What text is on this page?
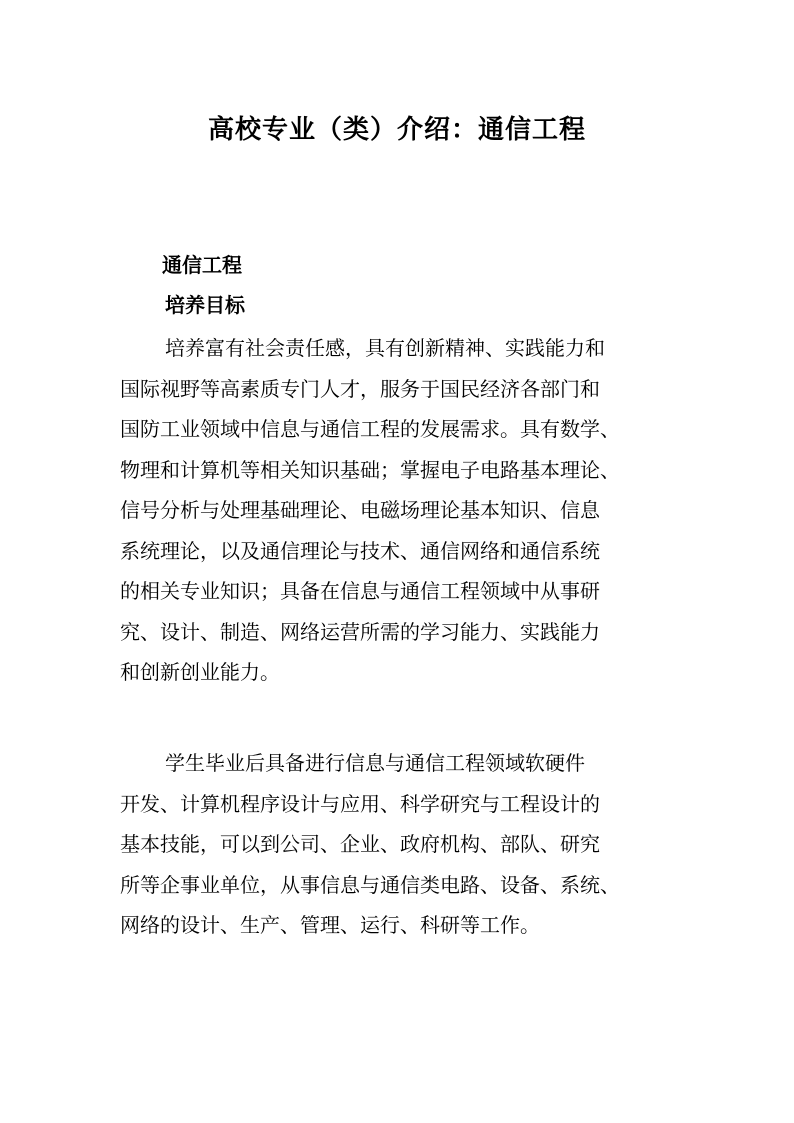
高校专业（类）介绍：通信工程
通信工程
培养目标

培养富有社会责任感，具有创新精神、实践能力和
国际视野等高素质专门人才，服务于国民经济各部门和
国防工业领域中信息与通信工程的发展需求。具有数学、
物理和计算机等相关知识基础；掌握电子电路基本理论、
信号分析与处理基础理论、电磁场理论基本知识、信息
系统理论，以及通信理论与技术、通信网络和通信系统
的相关专业知识；具备在信息与通信工程领域中从事研
究、设计、制造、网络运营所需的学习能力、实践能力
和创新创业能力。

学生毕业后具备进行信息与通信工程领域软硬件
开发、计算机程序设计与应用、科学研究与工程设计的
基本技能，可以到公司、企业、政府机构、部队、研究
所等企事业单位，从事信息与通信类电路、设备、系统、
网络的设计、生产、管理、运行、科研等工作。
